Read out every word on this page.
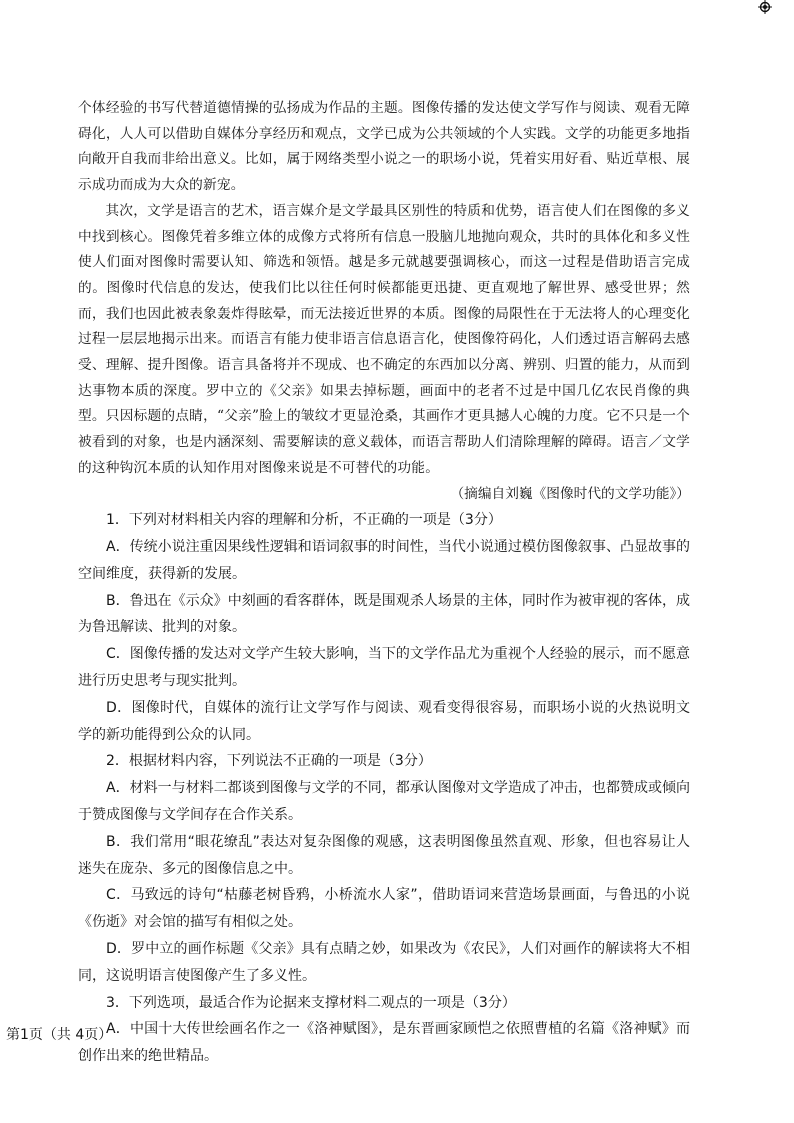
个体经验的书写代替道德情操的弘扬成为作品的主题。图像传播的发达使文学写作与阅读、观看无障碍化，人人可以借助自媒体分享经历和观点，文学已成为公共领域的个人实践。文学的功能更多地指向敞开自我而非给出意义。比如，属于网络类型小说之一的职场小说，凭着实用好看、贴近草根、展示成功而成为大众的新宠。

其次，文学是语言的艺术，语言媒介是文学最具区别性的特质和优势，语言使人们在图像的多义中找到核心。图像凭着多维立体的成像方式将所有信息一股脑儿地抛向观众，共时的具体化和多义性使人们面对图像时需要认知、筛选和领悟。越是多元就越要强调核心，而这一过程是借助语言完成的。图像时代信息的发达，使我们比以往任何时候都能更迅捷、更直观地了解世界、感受世界；然而，我们也因此被表象轰炸得眩晕，而无法接近世界的本质。图像的局限性在于无法将人的心理变化过程一层层地揭示出来。而语言有能力使非语言信息语言化，使图像符码化，人们透过语言解码去感受、理解、提升图像。语言具备将并不现成、也不确定的东西加以分离、辨别、归置的能力，从而到达事物本质的深度。罗中立的《父亲》如果去掉标题，画面中的老者不过是中国几亿农民肖像的典型。只因标题的点睛，“父亲”脸上的皱纹才更显沧桑，其画作才更具撼人心魄的力度。它不只是一个被看到的对象，也是内涵深刻、需要解读的意义载体，而语言帮助人们清除理解的障碍。语言／文学的这种钩沉本质的认知作用对图像来说是不可替代的功能。

（摘编自刘巍《图像时代的文学功能》）

1．下列对材料相关内容的理解和分析，不正确的一项是（3分）

A．传统小说注重因果线性逻辑和语词叙事的时间性，当代小说通过模仿图像叙事、凸显故事的空间维度，获得新的发展。

B．鲁迅在《示众》中刻画的看客群体，既是围观杀人场景的主体，同时作为被审视的客体，成为鲁迅解读、批判的对象。

C．图像传播的发达对文学产生较大影响，当下的文学作品尤为重视个人经验的展示，而不愿意进行历史思考与现实批判。

D．图像时代，自媒体的流行让文学写作与阅读、观看变得很容易，而职场小说的火热说明文学的新功能得到公众的认同。

2．根据材料内容，下列说法不正确的一项是（3分）

A．材料一与材料二都谈到图像与文学的不同，都承认图像对文学造成了冲击，也都赞成或倾向于赞成图像与文学间存在合作关系。

B．我们常用“眼花缭乱”表达对复杂图像的观感，这表明图像虽然直观、形象，但也容易让人迷失在庞杂、多元的图像信息之中。

C．马致远的诗句“枯藤老树昏鸦，小桥流水人家”，借助语词来营造场景画面，与鲁迅的小说《伤逝》对会馆的描写有相似之处。

D．罗中立的画作标题《父亲》具有点睛之妙，如果改为《农民》，人们对画作的解读将大不相同，这说明语言使图像产生了多义性。

3．下列选项，最适合作为论据来支撑材料二观点的一项是（3分）

A．中国十大传世绘画名作之一《洛神赋图》，是东晋画家顾恺之依照曹植的名篇《洛神赋》而创作出来的绝世精品。

第1页（共 4页）
